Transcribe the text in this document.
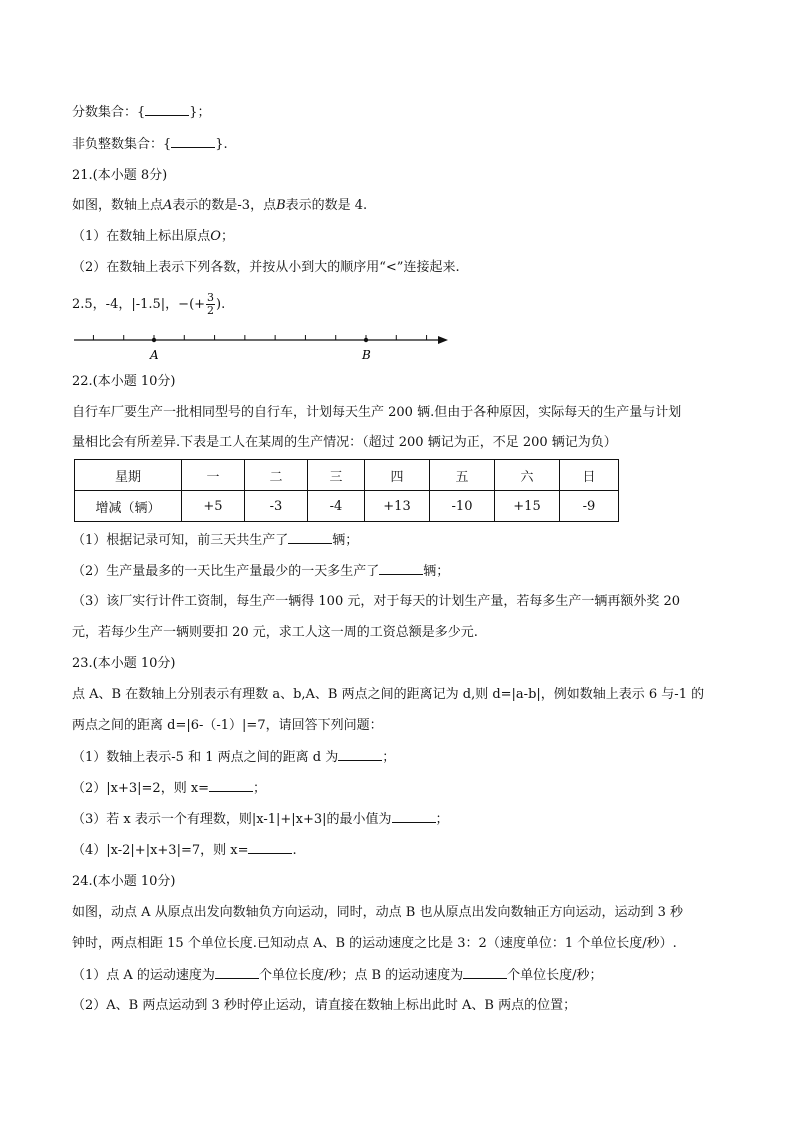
分数集合：{	}；
非负整数集合：{	}.
21.(本小题 8分)
如图，数轴上点A表示的数是-3，点B表示的数是 4.
（1）在数轴上标出原点O；
（2）在数轴上表示下列各数，并按从小到大的顺序用“<”连接起来.
2.5，-4，|-1.5|，−(+ $\frac{3}{2}$ ).
A	B
22.(本小题 10分)
自行车厂要生产一批相同型号的自行车，计划每天生产 200 辆.但由于各种原因，实际每天的生产量与计划
量相比会有所差异.下表是工人在某周的生产情况：（超过 200 辆记为正，不足 200 辆记为负）
星期	一	二	三	四	五	六	日
增减（辆）	+5	-3	-4	+13	-10	+15	-9
（1）根据记录可知，前三天共生产了	辆；
（2）生产量最多的一天比生产量最少的一天多生产了	辆；
（3）该厂实行计件工资制，每生产一辆得 100 元，对于每天的计划生产量，若每多生产一辆再额外奖 20
元，若每少生产一辆则要扣 20 元，求工人这一周的工资总额是多少元.
23.(本小题 10分)
点 A、B 在数轴上分别表示有理数 a、b,A、B 两点之间的距离记为 d,则 d=|a-b|，例如数轴上表示 6 与-1 的
两点之间的距离 d=|6-（-1）|=7，请回答下列问题：
（1）数轴上表示-5 和 1 两点之间的距离 d 为	；
（2）|x+3|=2，则 x=	；
（3）若 x 表示一个有理数，则|x-1|+|x+3|的最小值为	；
（4）|x-2|+|x+3|=7，则 x=	.
24.(本小题 10分)
如图，动点 A 从原点出发向数轴负方向运动，同时，动点 B 也从原点出发向数轴正方向运动，运动到 3 秒
钟时，两点相距 15 个单位长度.已知动点 A、B 的运动速度之比是 3：2（速度单位：1 个单位长度/秒）.
（1）点 A 的运动速度为	个单位长度/秒；点 B 的运动速度为	个单位长度/秒；
（2）A、B 两点运动到 3 秒时停止运动，请直接在数轴上标出此时 A、B 两点的位置；
